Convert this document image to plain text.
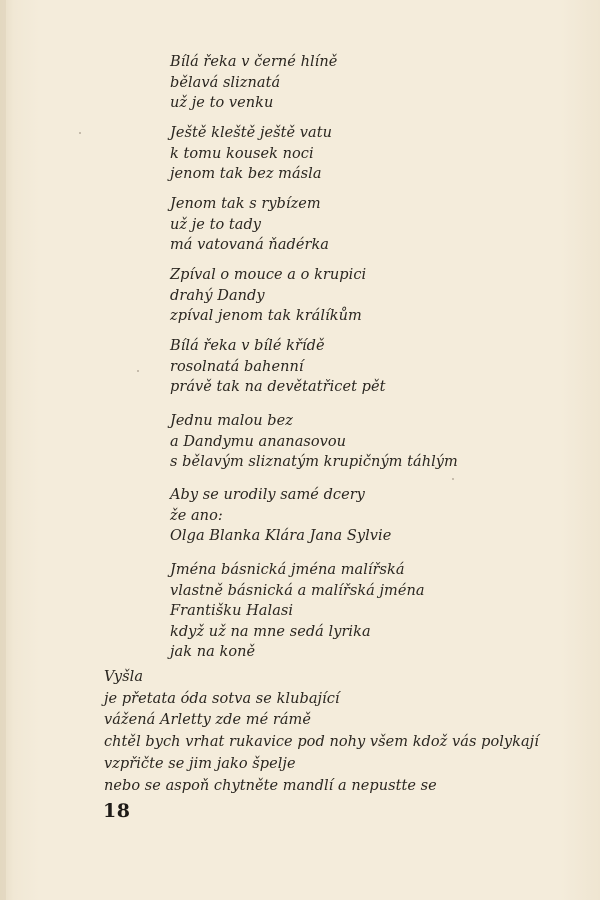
Bílá řeka v černé hlíně
bělavá sliznatá
už je to venku
Ještě kleště ještě vatu
k tomu kousek noci
jenom tak bez másla
Jenom tak s rybízem
už je to tady
má vatovaná ňadérka
Zpíval o mouce a o krupici
drahý Dandy
zpíval jenom tak králíkům
Bílá řeka v bílé křídě
rosolnatá bahenní
právě tak na devětatřicet pět
Jednu malou bez
a Dandymu ananasovou
s bělavým sliznatým krupičným táhlým
Aby se urodily samé dcery
že ano:
Olga Blanka Klára Jana Sylvie
Jména básnická jména malířská
vlastně básnická a malířská jména
Františku Halasi
když už na mne sedá lyrika
jak na koně
Vyšla
je přetata óda sotva se klubající
vážená Arletty zde mé rámě
chtěl bych vrhat rukavice pod nohy všem kdož vás polykají
vzpřičte se jim jako špelje
nebo se aspoň chytněte mandlí a nepustte se
18
